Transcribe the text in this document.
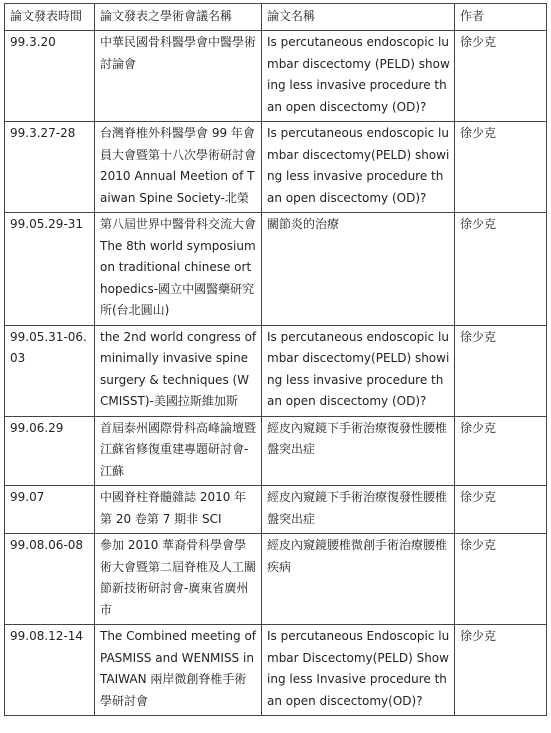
論文發表時間	論文發表之學術會議名稱	論文名稱	作者
99.3.20	中華民國骨科醫學會中醫學術討論會	Is percutaneous endoscopic lumbar discectomy (PELD) showing less invasive procedure than open discectomy (OD)?	徐少克
99.3.27-28	台灣脊椎外科醫學會 99 年會員大會暨第十八次學術研討會 2010 Annual Meetion of Taiwan Spine Society-北榮	Is percutaneous endoscopic lumbar discectomy(PELD) showing less invasive procedure than open discectomy (OD)?	徐少克
99.05.29-31	第八屆世界中醫骨科交流大會 The 8th world symposium on traditional chinese orthopedics-國立中國醫藥研究所(台北圓山)	關節炎的治療	徐少克
99.05.31-06.03	the 2nd world congress of minimally invasive spine surgery & techniques (WCMISST)-美國拉斯維加斯	Is percutaneous endoscopic lumbar discectomy(PELD) showing less invasive procedure than open discectomy (OD)?	徐少克
99.06.29	首屆泰州國際骨科高峰論壇暨江蘇省修復重建專題研討會-江蘇	經皮內窺鏡下手術治療復發性腰椎盤突出症	徐少克
99.07	中國脊柱脊髓雜誌 2010 年第 20 卷第 7 期非 SCI	經皮內窺鏡下手術治療復發性腰椎盤突出症	徐少克
99.08.06-08	參加 2010 華裔骨科學會學術大會暨第二屆脊椎及人工關節新技術研討會-廣東省廣州市	經皮內窺鏡腰椎微創手術治療腰椎疾病	徐少克
99.08.12-14	The Combined meeting of PASMISS and WENMISS in TAIWAN 兩岸微創脊椎手術學研討會	Is percutaneous Endoscopic lumbar Discectomy(PELD) Showing less Invasive procedure than open discectomy(OD)?	徐少克
